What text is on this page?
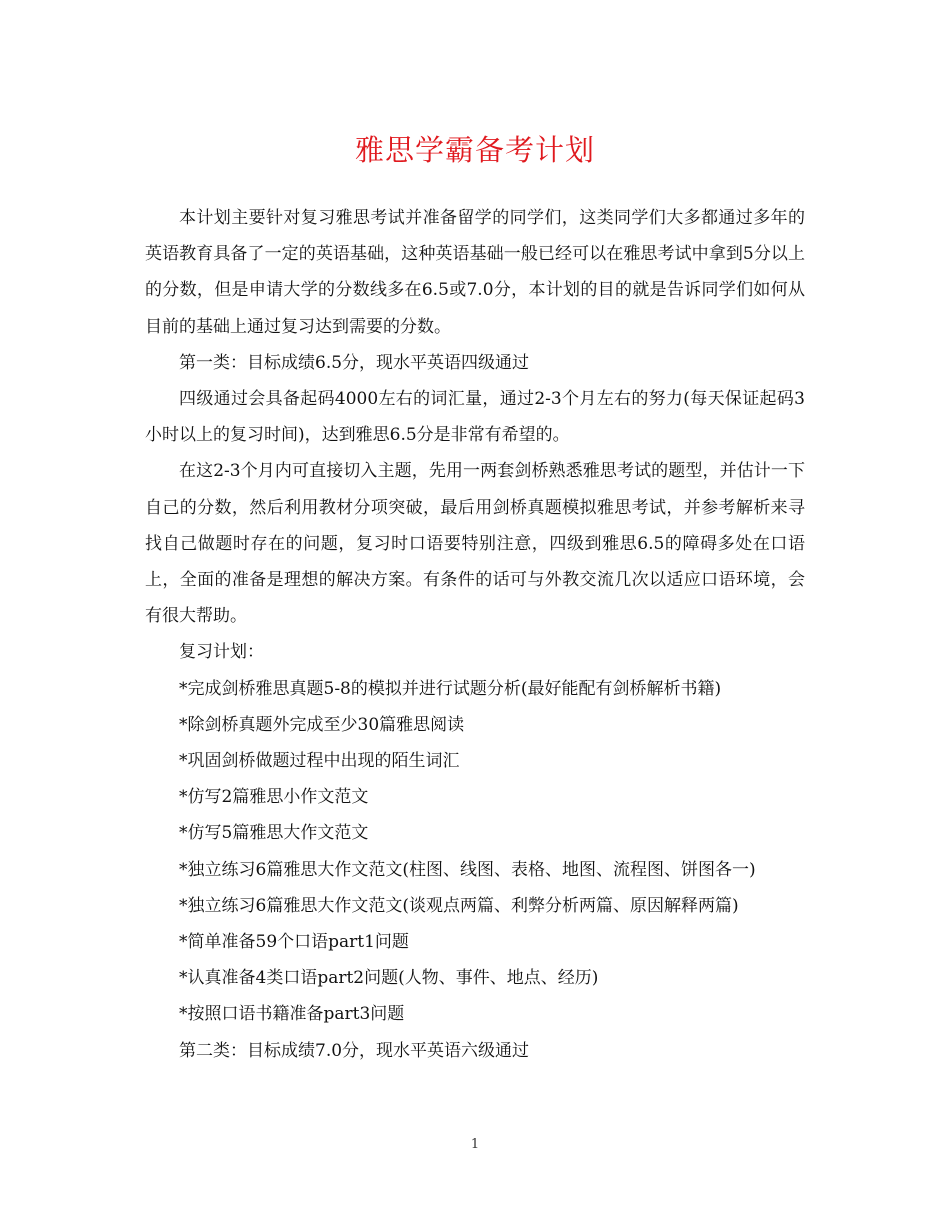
雅思学霸备考计划

本计划主要针对复习雅思考试并准备留学的同学们，这类同学们大多都通过多年的英语教育具备了一定的英语基础，这种英语基础一般已经可以在雅思考试中拿到5分以上的分数，但是申请大学的分数线多在6.5或7.0分，本计划的目的就是告诉同学们如何从目前的基础上通过复习达到需要的分数。

第一类：目标成绩6.5分，现水平英语四级通过

四级通过会具备起码4000左右的词汇量，通过2-3个月左右的努力(每天保证起码3小时以上的复习时间)，达到雅思6.5分是非常有希望的。

在这2-3个月内可直接切入主题，先用一两套剑桥熟悉雅思考试的题型，并估计一下自己的分数，然后利用教材分项突破，最后用剑桥真题模拟雅思考试，并参考解析来寻找自己做题时存在的问题，复习时口语要特别注意，四级到雅思6.5的障碍多处在口语上，全面的准备是理想的解决方案。有条件的话可与外教交流几次以适应口语环境，会有很大帮助。

复习计划：

*完成剑桥雅思真题5-8的模拟并进行试题分析(最好能配有剑桥解析书籍)

*除剑桥真题外完成至少30篇雅思阅读

*巩固剑桥做题过程中出现的陌生词汇

*仿写2篇雅思小作文范文

*仿写5篇雅思大作文范文

*独立练习6篇雅思大作文范文(柱图、线图、表格、地图、流程图、饼图各一)

*独立练习6篇雅思大作文范文(谈观点两篇、利弊分析两篇、原因解释两篇)

*简单准备59个口语part1问题

*认真准备4类口语part2问题(人物、事件、地点、经历)

*按照口语书籍准备part3问题

第二类：目标成绩7.0分，现水平英语六级通过

1
